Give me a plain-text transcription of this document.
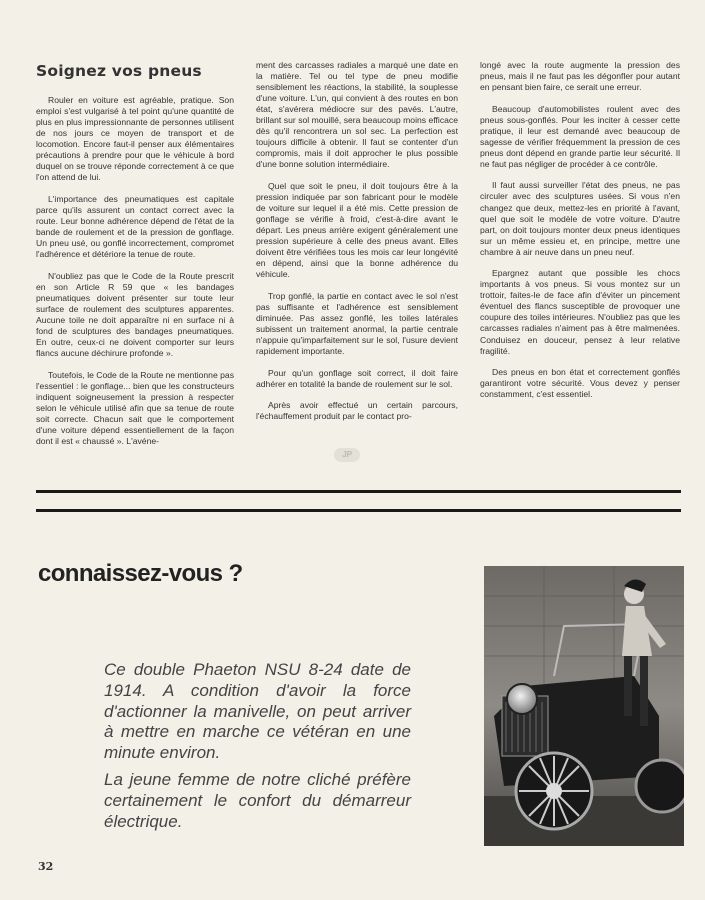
Soignez vos pneus

Rouler en voiture est agréable, pratique. Son emploi s'est vulgarisé à tel point qu'une quantité de plus en plus impressionnante de personnes utilisent de nos jours ce moyen de transport et de locomotion. Encore faut-il penser aux élémentaires précautions à prendre pour que le véhicule à bord duquel on se trouve réponde correctement à ce que l'on attend de lui.

L'importance des pneumatiques est capitale parce qu'ils assurent un contact correct avec la route. Leur bonne adhérence dépend de l'état de la bande de roulement et de la pression de gonflage. Un pneu usé, ou gonflé incorrectement, compromet l'adhérence et détériore la tenue de route.

N'oubliez pas que le Code de la Route prescrit en son Article R 59 que « les bandages pneumatiques doivent présenter sur toute leur surface de roulement des sculptures apparentes. Aucune toile ne doit apparaître ni en surface ni à fond de sculptures des bandages pneumatiques. En outre, ceux-ci ne doivent comporter sur leurs flancs aucune déchirure profonde ».

Toutefois, le Code de la Route ne mentionne pas l'essentiel : le gonflage... bien que les constructeurs indiquent soigneusement la pression à respecter selon le véhicule utilisé afin que sa tenue de route soit correcte. Chacun sait que le comportement d'une voiture dépend essentiellement de la façon dont il est « chaussé ». L'avéne-

ment des carcasses radiales a marqué une date en la matière. Tel ou tel type de pneu modifie sensiblement les réactions, la stabilité, la souplesse d'une voiture. L'un, qui convient à des routes en bon état, s'avérera médiocre sur des pavés. L'autre, brillant sur sol mouillé, sera beaucoup moins efficace dès qu'il rencontrera un sol sec. La perfection est toujours difficile à obtenir. Il faut se contenter d'un compromis, mais il doit approcher le plus possible d'une bonne solution intermédiaire.

Quel que soit le pneu, il doit toujours être à la pression indiquée par son fabricant pour le modèle de voiture sur lequel il a été mis. Cette pression de gonflage se vérifie à froid, c'est-à-dire avant le départ. Les pneus arrière exigent généralement une pression supérieure à celle des pneus avant. Elles doivent être vérifiées tous les mois car leur longévité en dépend, ainsi que la bonne adhérence du véhicule.

Trop gonflé, la partie en contact avec le sol n'est pas suffisante et l'adhérence est sensiblement diminuée. Pas assez gonflé, les toiles latérales subissent un traitement anormal, la partie centrale n'appuie qu'imparfaitement sur le sol, l'usure devient rapidement importante.

Pour qu'un gonflage soit correct, il doit faire adhérer en totalité la bande de roulement sur le sol.

Après avoir effectué un certain parcours, l'échauffement produit par le contact pro-

longé avec la route augmente la pression des pneus, mais il ne faut pas les dégonfler pour autant en pensant bien faire, ce serait une erreur.

Beaucoup d'automobilistes roulent avec des pneus sous-gonflés. Pour les inciter à cesser cette pratique, il leur est demandé avec beaucoup de sagesse de vérifier fréquemment la pression de ces pneus dont dépend en grande partie leur sécurité. Il ne faut pas négliger de procéder à ce contrôle.

Il faut aussi surveiller l'état des pneus, ne pas circuler avec des sculptures usées. Si vous n'en changez que deux, mettez-les en priorité à l'avant, quel que soit le modèle de votre voiture. D'autre part, on doit toujours monter deux pneus identiques sur un même essieu et, en principe, mettre une chambre à air neuve dans un pneu neuf.

Epargnez autant que possible les chocs importants à vos pneus. Si vous montez sur un trottoir, faites-le de face afin d'éviter un pincement éventuel des flancs susceptible de provoquer une coupure des toiles intérieures. N'oubliez pas que les carcasses radiales n'aiment pas à être malmenées. Conduisez en douceur, pensez à leur relative fragilité.

Des pneus en bon état et correctement gonflés garantiront votre sécurité. Vous devez y penser constamment, c'est essentiel.

JP
connaissez-vous ?

Ce double Phaeton NSU 8-24 date de 1914. A condition d'avoir la force d'actionner la manivelle, on peut arriver à mettre en marche ce vétéran en une minute environ.

La jeune femme de notre cliché préfère certainement le confort du démarreur électrique.

32
